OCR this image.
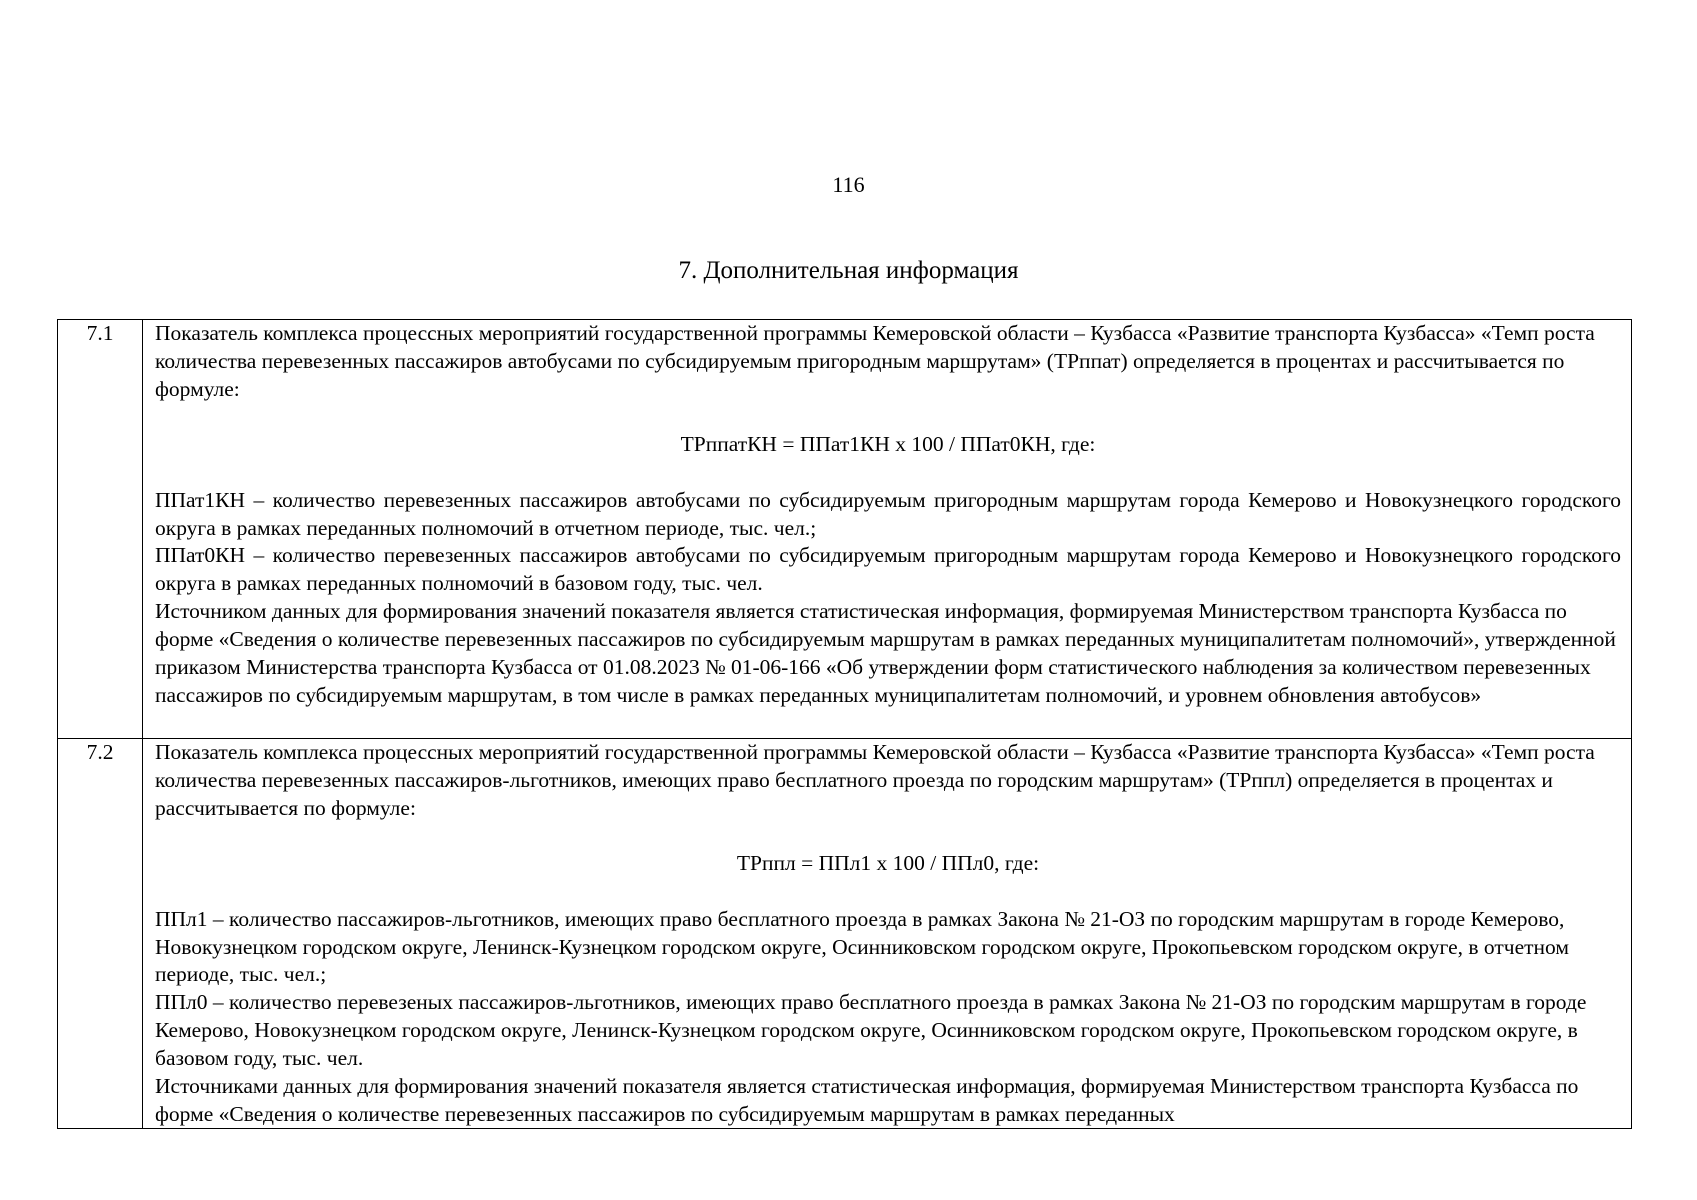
116
7. Дополнительная информация
7.1	Показатель комплекса процессных мероприятий государственной программы Кемеровской области – Кузбасса «Развитие транспорта Кузбасса» «Темп роста количества перевезенных пассажиров автобусами по субсидируемым пригородным маршрутам» (ТРппат) определяется в процентах и рассчитывается по формуле:

ТРппатКН = ППат1КН х 100 / ППат0КН, где:

ППат1КН – количество перевезенных пассажиров автобусами по субсидируемым пригородным маршрутам города Кемерово и Новокузнецкого городского округа в рамках переданных полномочий в отчетном периоде, тыс. чел.;

ППат0КН – количество перевезенных пассажиров автобусами по субсидируемым пригородным маршрутам города Кемерово и Новокузнецкого городского округа в рамках переданных полномочий в базовом году, тыс. чел.

Источником данных для формирования значений показателя является статистическая информация, формируемая Министерством транспорта Кузбасса по форме «Сведения о количестве перевезенных пассажиров по субсидируемым маршрутам в рамках переданных муниципалитетам полномочий», утвержденной приказом Министерства транспорта Кузбасса от 01.08.2023 № 01-06-166 «Об утверждении форм статистического наблюдения за количеством перевезенных пассажиров по субсидируемым маршрутам, в том числе в рамках переданных муниципалитетам полномочий, и уровнем обновления автобусов»

7.2	Показатель комплекса процессных мероприятий государственной программы Кемеровской области – Кузбасса «Развитие транспорта Кузбасса» «Темп роста количества перевезенных пассажиров-льготников, имеющих право бесплатного проезда по городским маршрутам» (ТРппл) определяется в процентах и рассчитывается по формуле:

ТРппл = ППл1 х 100 / ППл0, где:

ППл1 – количество пассажиров-льготников, имеющих право бесплатного проезда в рамках Закона № 21-ОЗ по городским маршрутам в городе Кемерово, Новокузнецком городском округе, Ленинск-Кузнецком городском округе, Осинниковском городском округе, Прокопьевском городском округе, в отчетном периоде, тыс. чел.;

ППл0 – количество перевезеных пассажиров-льготников, имеющих право бесплатного проезда в рамках Закона № 21-ОЗ по городским маршрутам в городе Кемерово, Новокузнецком городском округе, Ленинск-Кузнецком городском округе, Осинниковском городском округе, Прокопьевском городском округе, в базовом году, тыс. чел.

Источниками данных для формирования значений показателя является статистическая информация, формируемая Министерством транспорта Кузбасса по форме «Сведения о количестве перевезенных пассажиров по субсидируемым маршрутам в рамках переданных
